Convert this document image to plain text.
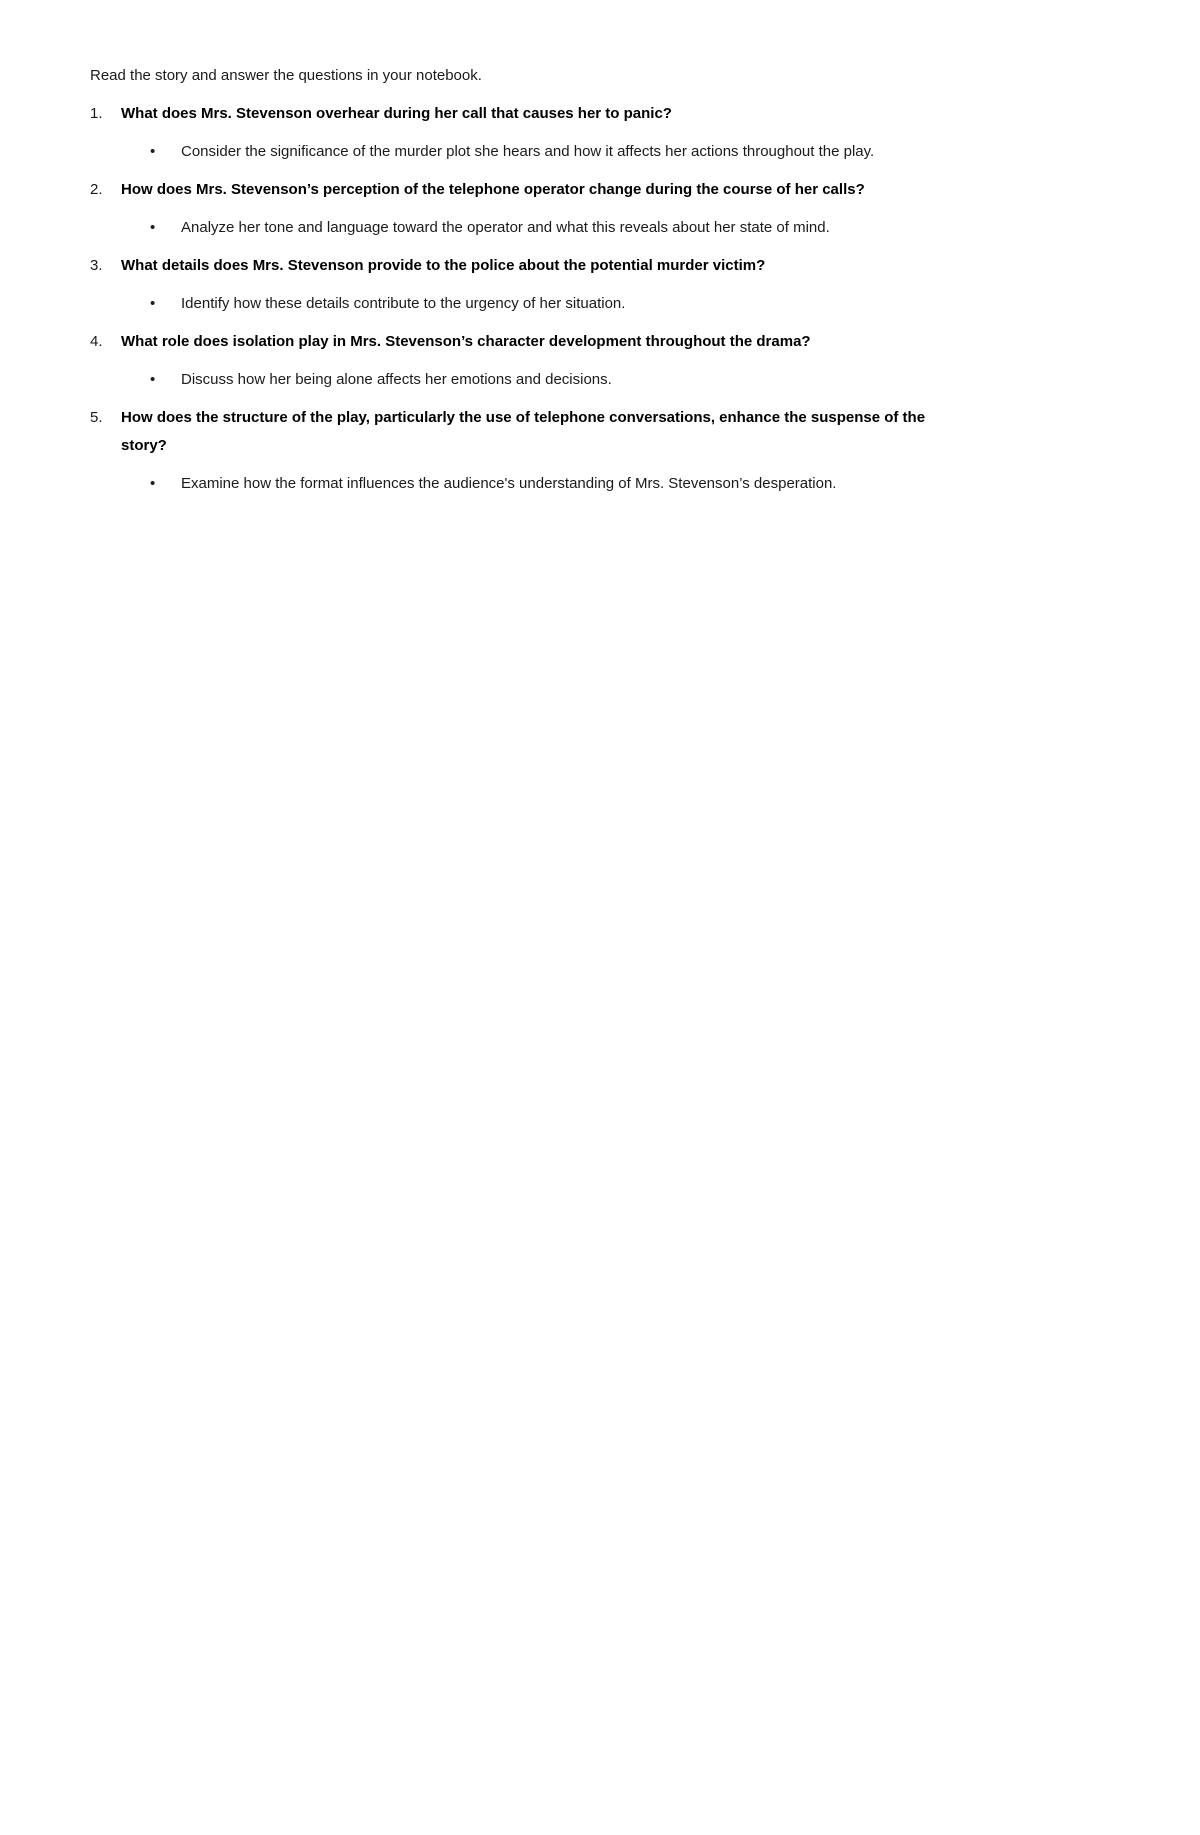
Read the story and answer the questions in your notebook.

1.	What does Mrs. Stevenson overhear during her call that causes her to panic?
•	Consider the significance of the murder plot she hears and how it affects her actions throughout the play.
2.	How does Mrs. Stevenson’s perception of the telephone operator change during the course of her calls?
•	Analyze her tone and language toward the operator and what this reveals about her state of mind.
3.	What details does Mrs. Stevenson provide to the police about the potential murder victim?
•	Identify how these details contribute to the urgency of her situation.
4.	What role does isolation play in Mrs. Stevenson’s character development throughout the drama?
•	Discuss how her being alone affects her emotions and decisions.
5.	How does the structure of the play, particularly the use of telephone conversations, enhance the suspense of the story?
•	Examine how the format influences the audience's understanding of Mrs. Stevenson’s desperation.
